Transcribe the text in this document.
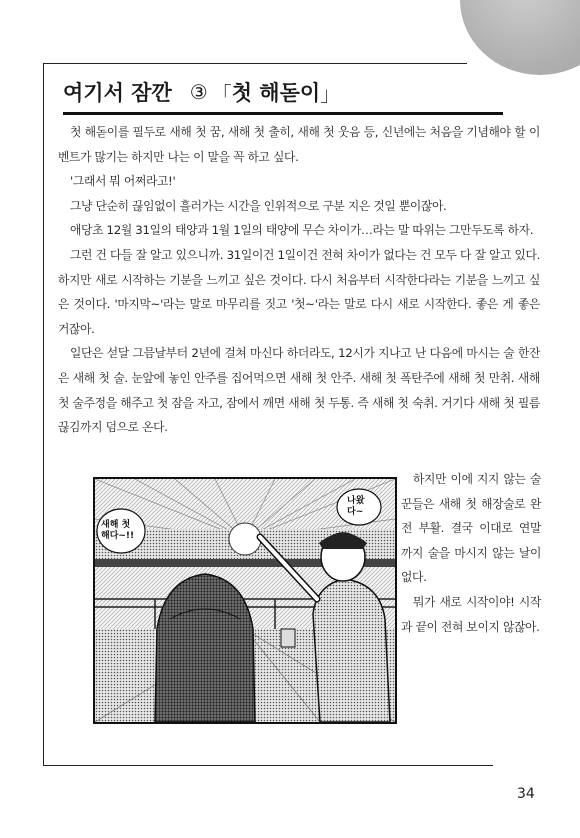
여기서 잠깐 ③ 「 첫 해돋이 」

첫 해돋이를 필두로 새해 첫 꿈, 새해 첫 출히, 새해 첫 웃음 등, 신년에는 처음을 기념해야 할 이벤트가 많기는 하지만 나는 이 말을 꼭 하고 싶다.

'그래서 뭐 어쩌라고!'

그냥 단순히 끊임없이 흘러가는 시간을 인위적으로 구분 지은 것일 뿐이잖아.

애당초 12월 31일의 태양과 1월 1일의 태양에 무슨 차이가…라는 말 따위는 그만두도록 하자.

그런 건 다들 잘 알고 있으니까. 31일이건 1일이건 전혀 차이가 없다는 건 모두 다 잘 알고 있다. 하지만 새로 시작하는 기분을 느끼고 싶은 것이다. 다시 처음부터 시작한다라는 기분을 느끼고 싶은 것이다. '마지막~'라는 말로 마무리를 짓고 '첫~'라는 말로 다시 새로 시작한다. 좋은 게 좋은 거잖아.

일단은 섣달 그믐날부터 2년에 걸쳐 마신다 하더라도, 12시가 지나고 난 다음에 마시는 술 한잔은 새해 첫 술. 눈앞에 놓인 안주를 집어먹으면 새해 첫 안주. 새해 첫 폭탄주에 새해 첫 만취. 새해 첫 술주정을 해주고 첫 잠을 자고, 잠에서 깨면 새해 첫 두통. 즉 새해 첫 숙취. 거기다 새해 첫 필름 끊김까지 덤으로 온다.

새해 첫
해다~!!
나왔
다~

하지만 이에 지지 않는 술꾼들은 새해 첫 해장술로 완전 부활. 결국 이대로 연말 까지 술을 마시지 않는 날이 없다.

뭐가 새로 시작이야! 시작과 끝이 전혀 보이지 않잖아.

34
